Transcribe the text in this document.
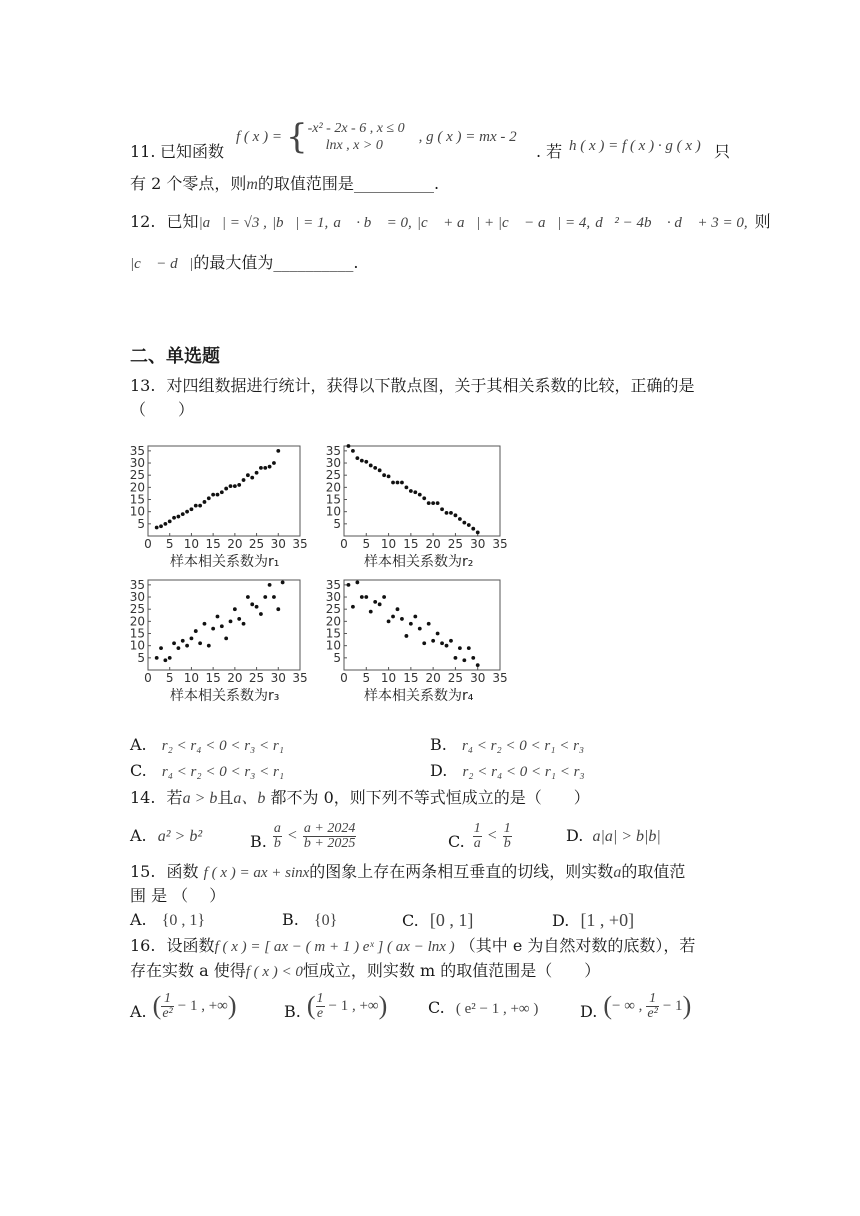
11. 已知函数
f ( x ) = { -x² - 2x - 6 , x ≤ 0
lnx , x > 0
, g ( x ) = mx - 2
. 若 h ( x ) = f ( x ) · g ( x ) 只
有 2 个零点，则m的取值范围是__________.
12. 已知|a⃗| = √3 , |b⃗| = 1, a⃗ · b⃗ = 0, |c⃗ + a⃗| + |c⃗ − a⃗| = 4, d⃗² − 4b⃗ · d⃗ + 3 = 0, 则
|c⃗ − d⃗|的最大值为__________.
二、单选题
13. 对四组数据进行统计，获得以下散点图，关于其相关系数的比较，正确的是
（　　）
0 5 10 15 20 25 30 35
5
10
15
20
25
30
35
0 5 10 15 20 25 30 35
5
10
15
20
25
30
35
0 5 10 15 20 25 30 35
5
10
15
20
25
30
35
0 5 10 15 20 25 30 35
5
10
15
20
25
30
35
样本相关系数为r₁	样本相关系数为r₂
样本相关系数为r₃	样本相关系数为r₄
A. r₂ < r₄ < 0 < r₃ < r₁	B. r₄ < r₂ < 0 < r₁ < r₃
C. r₄ < r₂ < 0 < r₃ < r₁	D. r₂ < r₄ < 0 < r₁ < r₃
14. 若a > b且a、b 都不为 0，则下列不等式恒成立的是（　　）
A. a² > b²	B. $\frac{a}{b} < \frac{a + 2024}{b + 2025}$	C. $\frac{1}{a} < \frac{1}{b}$	D. a|a| > b|b|
15. 函数 f ( x ) = ax + sinx的图象上存在两条相互垂直的切线，则实数a的取值范
围 是 （　 ）
A. {0 , 1}	B. {0}	C. [0 , 1]	D. [1 , +0]
16. 设函数f ( x ) = [ ax − ( m + 1 ) eˣ ] ( ax − lnx ) （其中 e 为自然对数的底数），若
存在实数 a 使得f ( x ) < 0恒成立，则实数 m 的取值范围是（　　）
A. ( $\frac{1}{\text{e²}} - 1$ , +∞ )	B. ( $\frac{1}{e} - 1$ , +∞ )	C. ( e² − 1 , +∞ )	D. ( − ∞ , $\frac{1}{\text{e²}} - 1$ )
